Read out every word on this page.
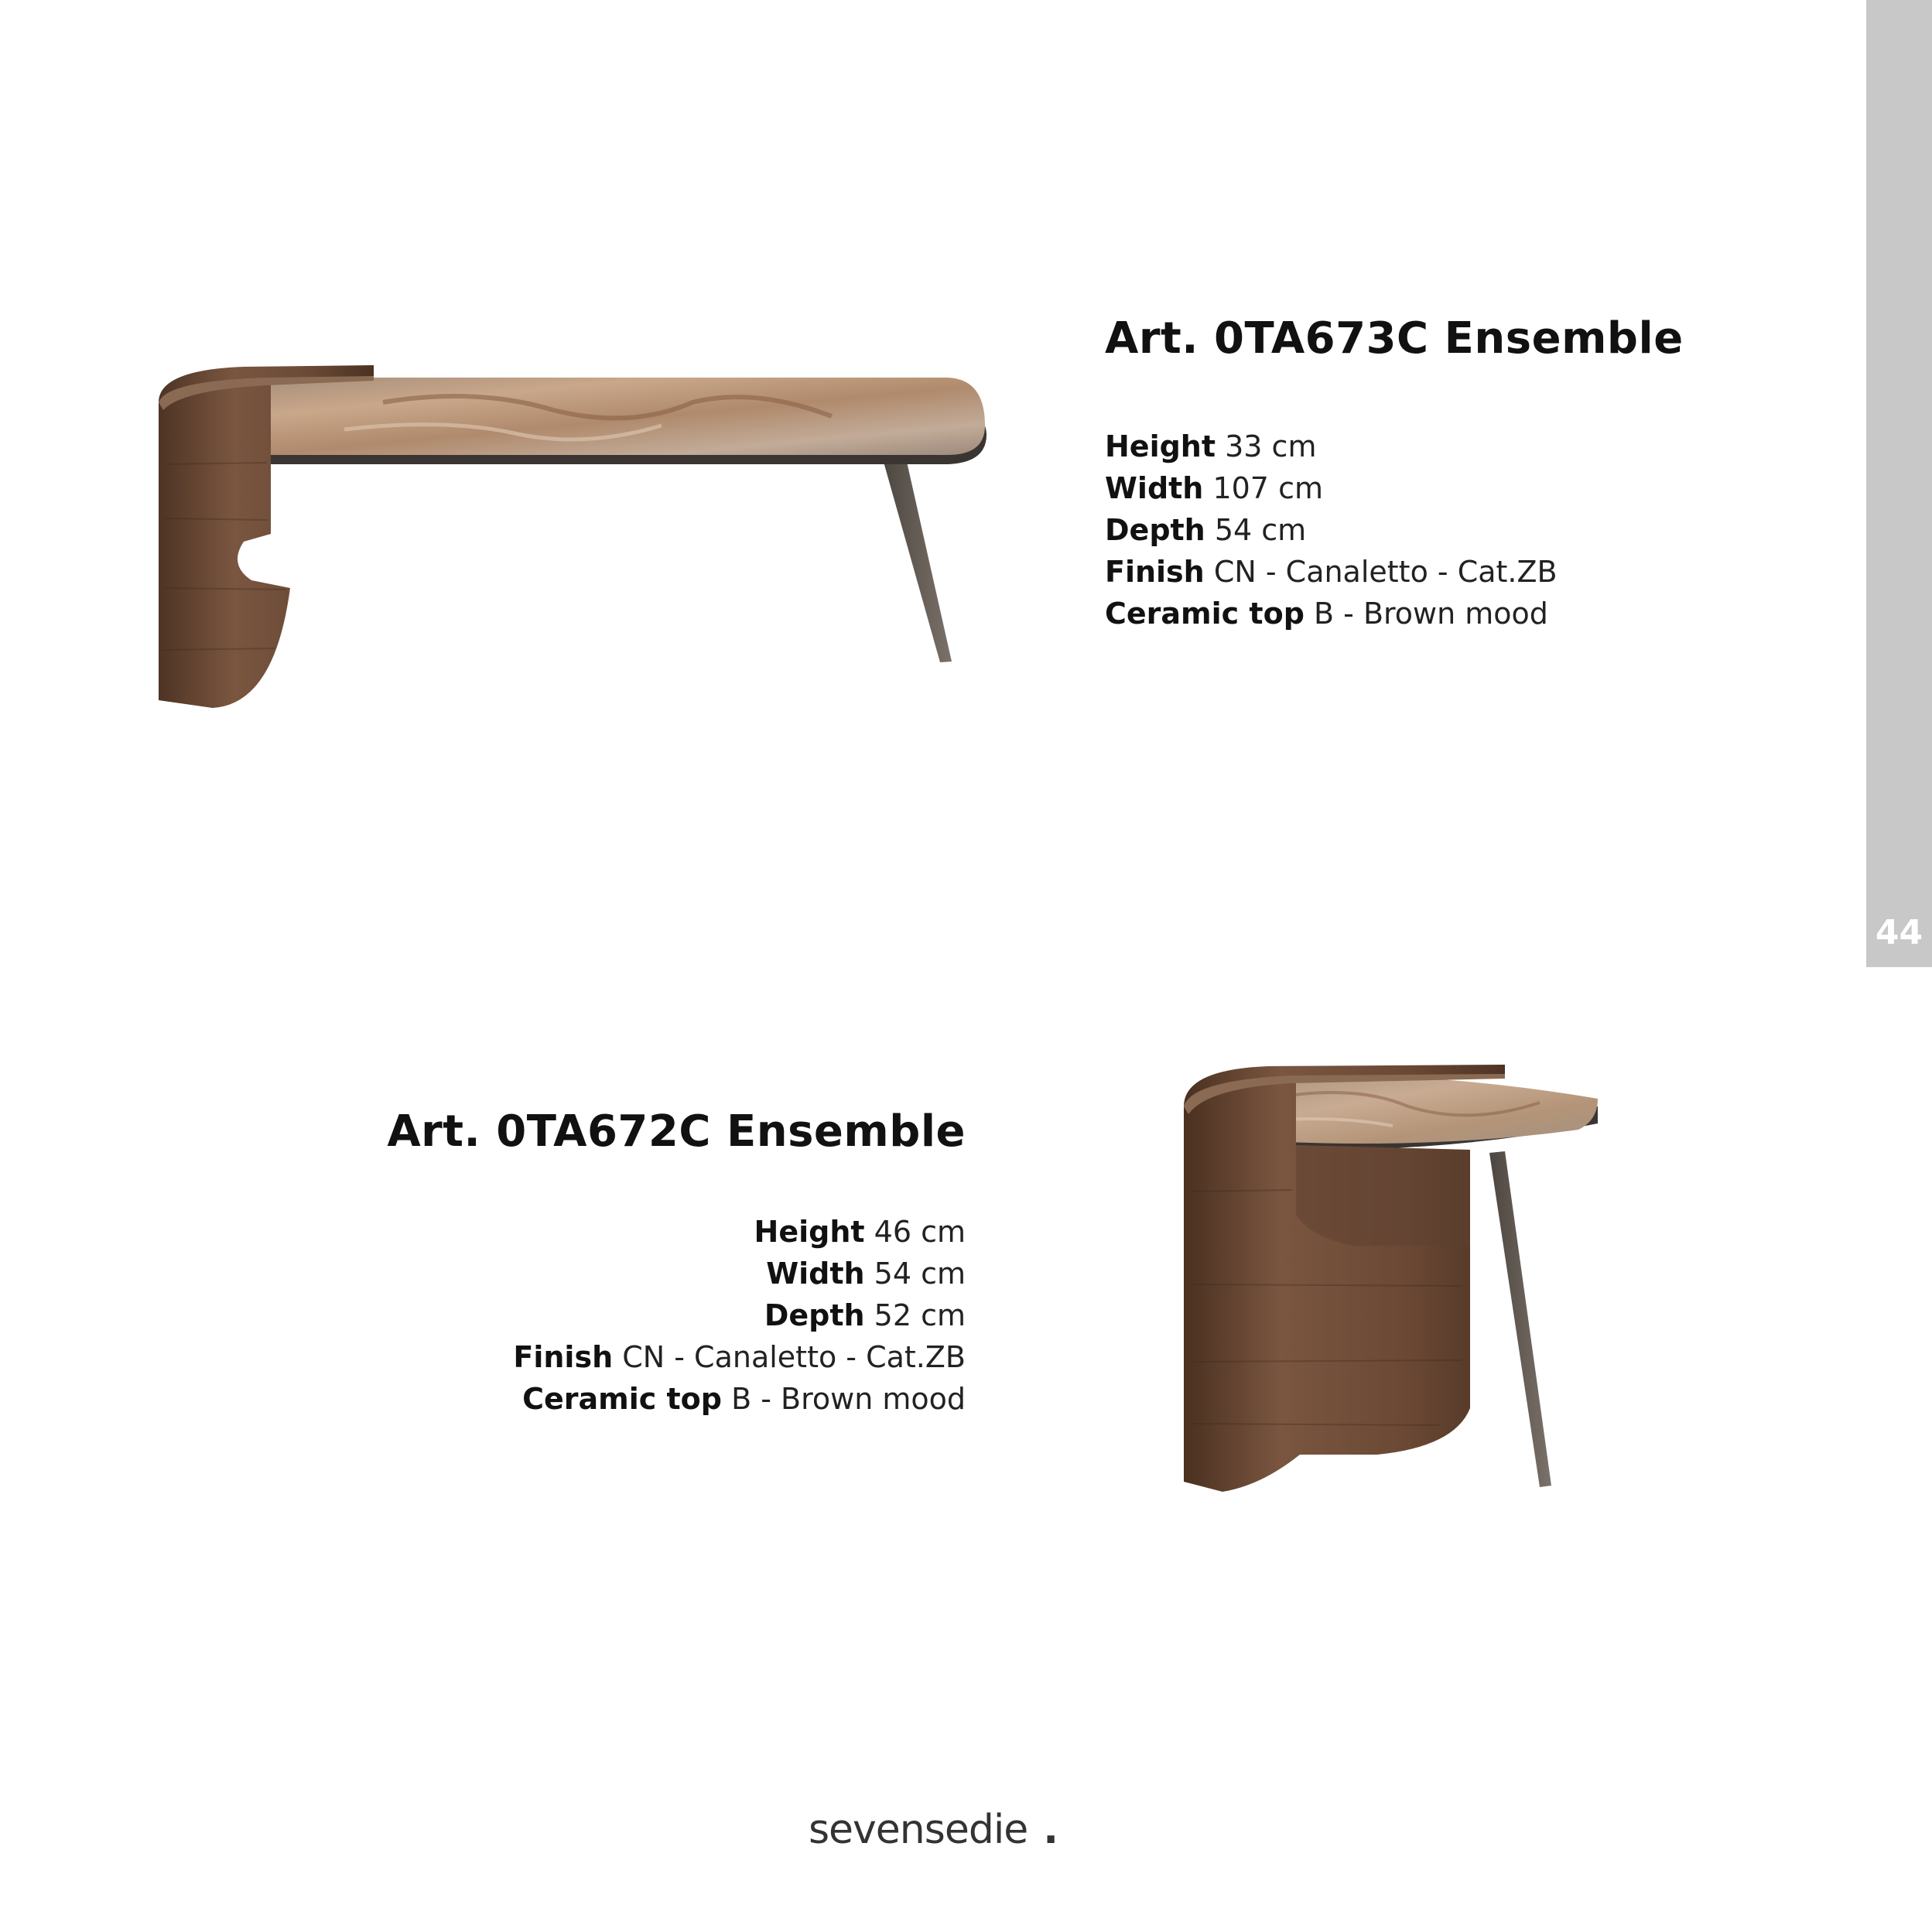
44
Art. 0TA673C Ensemble
Height 33 cm
Width 107 cm
Depth 54 cm
Finish CN - Canaletto - Cat.ZB
Ceramic top B - Brown mood
Art. 0TA672C Ensemble
Height 46 cm
Width 54 cm
Depth 52 cm
Finish CN - Canaletto - Cat.ZB
Ceramic top B - Brown mood
sevensedie .
